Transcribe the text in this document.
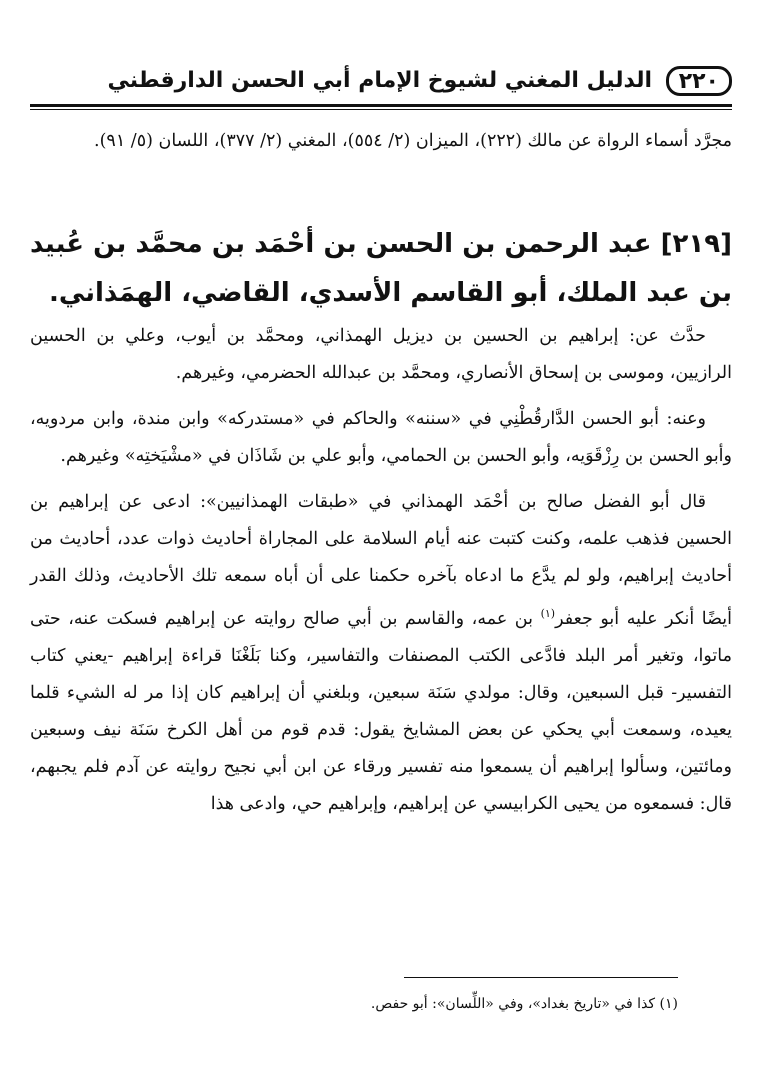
٢٢٠
الدليل المغني لشيوخ الإمام أبي الحسن الدارقطني

مجرَّد أسماء الرواة عن مالك (٢٢٢)، الميزان (٢/ ٥٥٤)، المغني (٢/ ٣٧٧)، اللسان (٥/ ٩١).

[٢١٩] عبد الرحمن بن الحسن بن أحْمَد بن محمَّد بن عُبيد بن عبد الملك، أبو القاسم الأسدي، القاضي، الهمَذاني.

حدَّث عن: إبراهيم بن الحسين بن ديزيل الهمذاني، ومحمَّد بن أيوب، وعلي بن الحسين الرازيين، وموسى بن إسحاق الأنصاري، ومحمَّد بن عبدالله الحضرمي، وغيرهم.

وعنه: أبو الحسن الدَّارقُطْنِي في «سننه» والحاكم في «مستدركه» وابن مندة، وابن مردويه، وأبو الحسن بن رِزْقَوَيه، وأبو الحسن بن الحمامي، وأبو علي بن شَاذَان في «مشْيَختِه» وغيرهم.

قال أبو الفضل صالح بن أحْمَد الهمذاني في «طبقات الهمذانيين»: ادعى عن إبراهيم بن الحسين فذهب علمه، وكنت كتبت عنه أيام السلامة على المجاراة أحاديث ذوات عدد، أحاديث من أحاديث إبراهيم، ولو لم يدَّع ما ادعاه بآخره حكمنا على أن أباه سمعه تلك الأحاديث، وذلك القدر أيضًا أنكر عليه أبو جعفر$^{(١)}$ بن عمه، والقاسم بن أبي صالح روايته عن إبراهيم فسكت عنه، حتى ماتوا، وتغير أمر البلد فادَّعى الكتب المصنفات والتفاسير، وكنا بَلَغْنَا قراءة إبراهيم -يعني كتاب التفسير- قبل السبعين، وقال: مولدي سَنَة سبعين، وبلغني أن إبراهيم كان إذا مر له الشيء قلما يعيده، وسمعت أبي يحكي عن بعض المشايخ يقول: قدم قوم من أهل الكرخ سَنَة نيف وسبعين ومائتين، وسألوا إبراهيم أن يسمعوا منه تفسير ورقاء عن ابن أبي نجيح روايته عن آدم فلم يجبهم، قال: فسمعوه من يحيى الكرابيسي عن إبراهيم، وإبراهيم حي، وادعى هذا

(١) كذا في «تاريخ بغداد»، وفي «اللِّسان»: أبو حفص.
